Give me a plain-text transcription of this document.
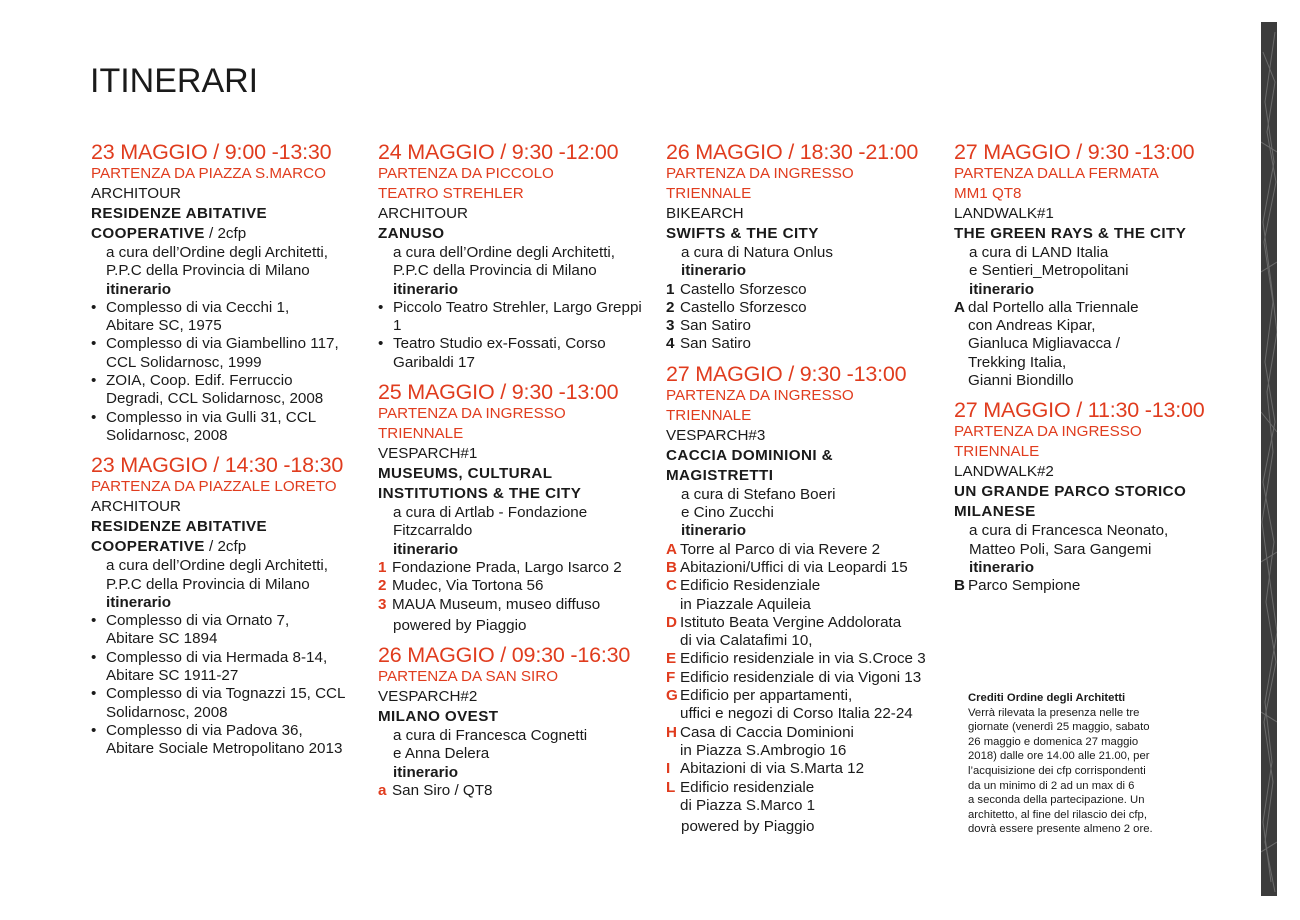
ITINERARI
23 MAGGIO / 9:00 -13:30
PARTENZA DA PIAZZA S.MARCO
ARCHITOUR
RESIDENZE ABITATIVE
COOPERATIVE / 2cfp
a cura dell’Ordine degli Architetti,
P.P.C della Provincia di Milano
itinerario
• Complesso di via Cecchi 1,
Abitare SC, 1975
• Complesso di via Giambellino 117,
CCL Solidarnosc, 1999
• ZOIA, Coop. Edif. Ferruccio
Degradi, CCL Solidarnosc, 2008
• Complesso in via Gulli 31, CCL
Solidarnosc, 2008
23 MAGGIO / 14:30 -18:30
PARTENZA DA PIAZZALE LORETO
ARCHITOUR
RESIDENZE ABITATIVE
COOPERATIVE / 2cfp
a cura dell’Ordine degli Architetti,
P.P.C della Provincia di Milano
itinerario
• Complesso di via Ornato 7,
Abitare SC 1894
• Complesso di via Hermada 8-14,
Abitare SC 1911-27
• Complesso di via Tognazzi 15, CCL
Solidarnosc, 2008
• Complesso di via Padova 36,
Abitare Sociale Metropolitano 2013
24 MAGGIO / 9:30 -12:00
PARTENZA DA PICCOLO
TEATRO STREHLER
ARCHITOUR
ZANUSO
a cura dell’Ordine degli Architetti,
P.P.C della Provincia di Milano
itinerario
• Piccolo Teatro Strehler, Largo Greppi 1
• Teatro Studio ex-Fossati, Corso
Garibaldi 17
25 MAGGIO / 9:30 -13:00
PARTENZA DA INGRESSO
TRIENNALE
VESPARCH#1
MUSEUMS, CULTURAL
INSTITUTIONS & THE CITY
a cura di Artlab - Fondazione
Fitzcarraldo
itinerario
1 Fondazione Prada, Largo Isarco 2
2 Mudec, Via Tortona 56
3 MAUA Museum, museo diffuso
powered by Piaggio
26 MAGGIO / 09:30 -16:30
PARTENZA DA SAN SIRO
VESPARCH#2
MILANO OVEST
a cura di Francesca Cognetti
e Anna Delera
itinerario
a San Siro / QT8
26 MAGGIO / 18:30 -21:00
PARTENZA DA INGRESSO
TRIENNALE
BIKEARCH
SWIFTS & THE CITY
a cura di Natura Onlus
itinerario
1 Castello Sforzesco
2 Castello Sforzesco
3 San Satiro
4 San Satiro
27 MAGGIO / 9:30 -13:00
PARTENZA DA INGRESSO
TRIENNALE
VESPARCH#3
CACCIA DOMINIONI &
MAGISTRETTI
a cura di Stefano Boeri
e Cino Zucchi
itinerario
A Torre al Parco di via Revere 2
B Abitazioni/Uffici di via Leopardi 15
C Edificio Residenziale
in Piazzale Aquileia
D Istituto Beata Vergine Addolorata
di via Calatafimi 10,
E Edificio residenziale in via S.Croce 3
F Edificio residenziale di via Vigoni 13
G Edificio per appartamenti,
uffici e negozi di Corso Italia 22-24
H Casa di Caccia Dominioni
in Piazza S.Ambrogio 16
I Abitazioni di via S.Marta 12
L Edificio residenziale
di Piazza S.Marco 1
powered by Piaggio
27 MAGGIO / 9:30 -13:00
PARTENZA DALLA FERMATA
MM1 QT8
LANDWALK#1
THE GREEN RAYS & THE CITY
a cura di LAND Italia
e Sentieri_Metropolitani
itinerario
A dal Portello alla Triennale
con Andreas Kipar,
Gianluca Migliavacca /
Trekking Italia,
Gianni Biondillo
27 MAGGIO / 11:30 -13:00
PARTENZA DA INGRESSO
TRIENNALE
LANDWALK#2
UN GRANDE PARCO STORICO
MILANESE
a cura di Francesca Neonato,
Matteo Poli, Sara Gangemi
itinerario
B Parco Sempione
Crediti Ordine degli Architetti
Verrà rilevata la presenza nelle tre
giornate (venerdì 25 maggio, sabato
26 maggio e domenica 27 maggio
2018) dalle ore 14.00 alle 21.00, per
l’acquisizione dei cfp corrispondenti
da un minimo di 2 ad un max di 6
a seconda della partecipazione. Un
architetto, al fine del rilascio dei cfp,
dovrà essere presente almeno 2 ore.
